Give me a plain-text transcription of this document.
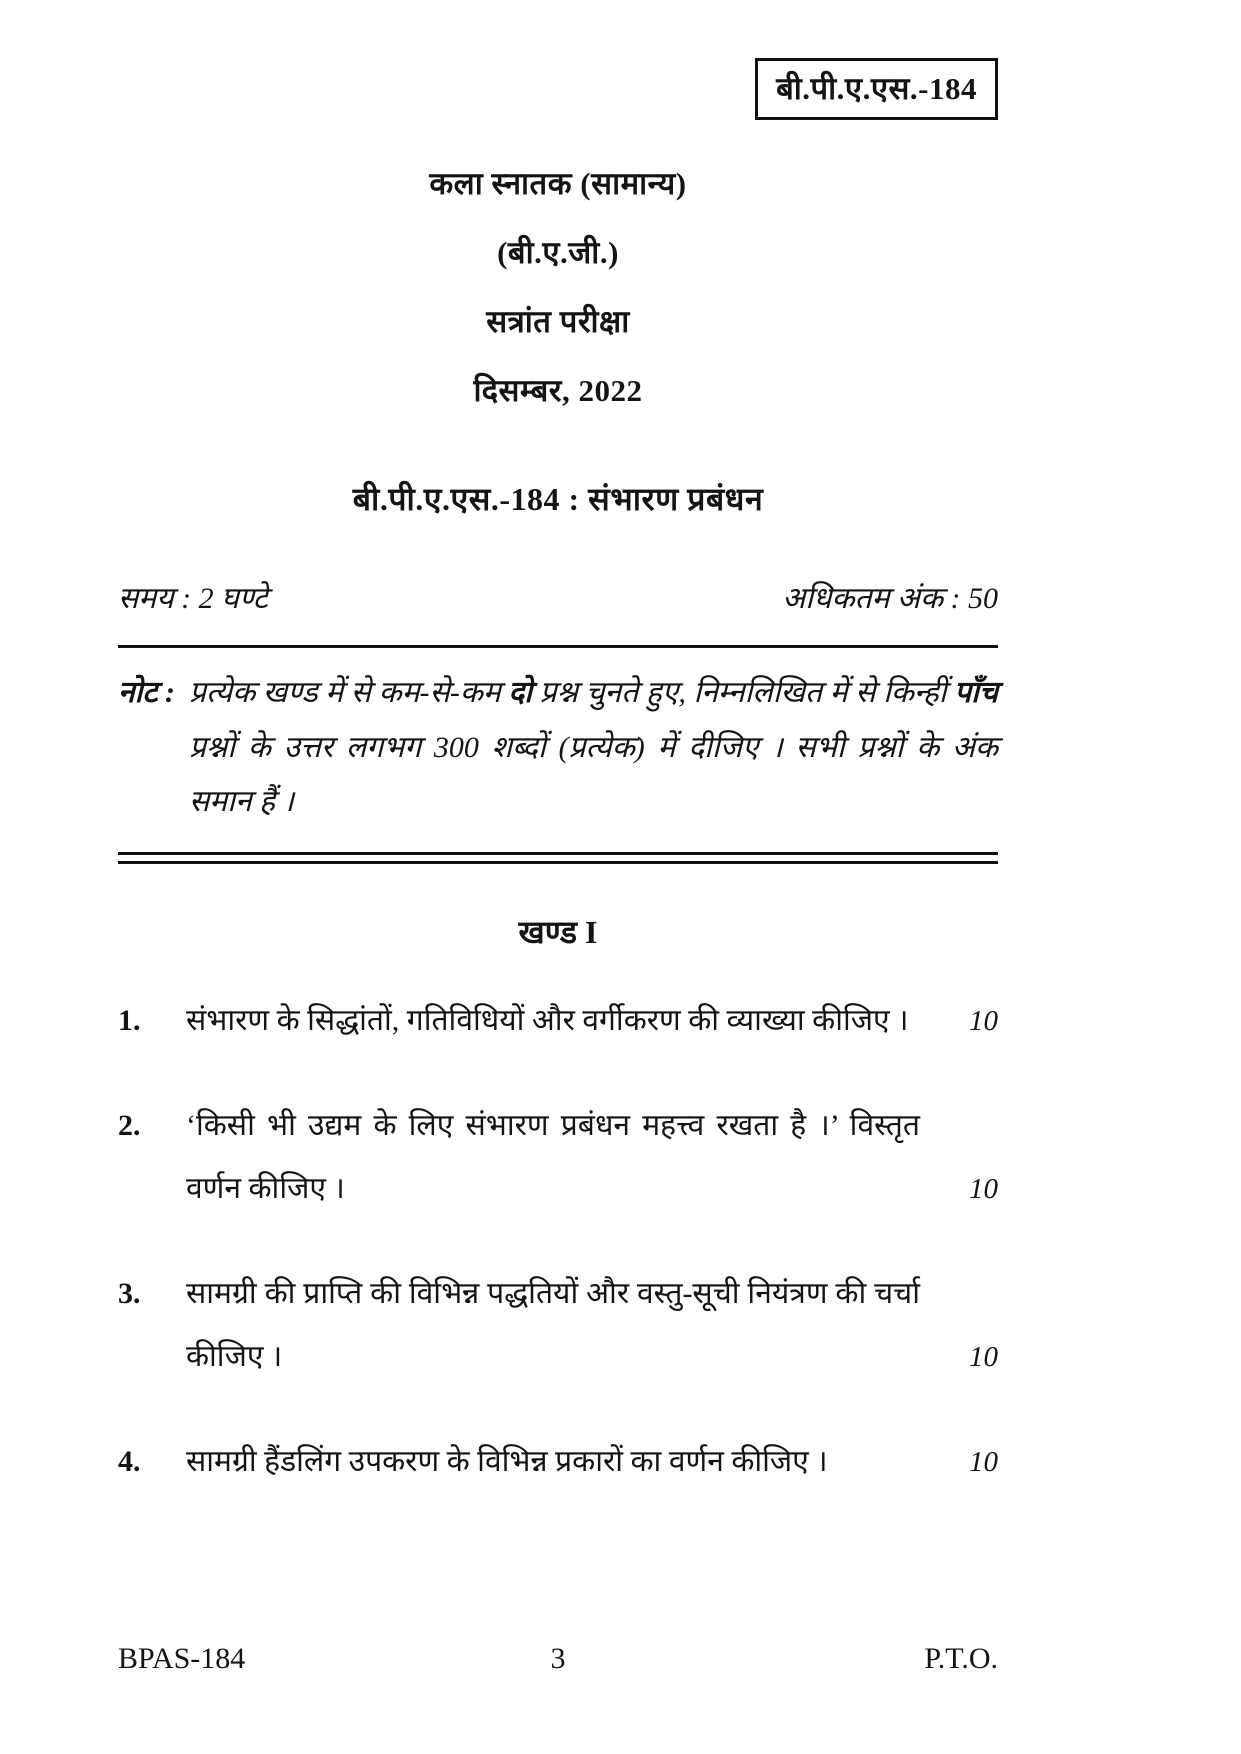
बी.पी.ए.एस.-184
कला स्नातक (सामान्य)
(बी.ए.जी.)
सत्रांत परीक्षा
दिसम्बर, 2022
बी.पी.ए.एस.-184 : संभारण प्रबंधन
समय : 2 घण्टे	अधिकतम अंक : 50
नोट : प्रत्येक खण्ड में से कम-से-कम दो प्रश्न चुनते हुए, निम्नलिखित में से किन्हीं पाँच प्रश्नों के उत्तर लगभग 300 शब्दों (प्रत्येक) में दीजिए । सभी प्रश्नों के अंक समान हैं ।
खण्ड I
1.	संभारण के सिद्धांतों, गतिविधियों और वर्गीकरण की व्याख्या कीजिए ।	10
2.	‘किसी भी उद्यम के लिए संभारण प्रबंधन महत्त्व रखता है ।’ विस्तृत वर्णन कीजिए ।	10
3.	सामग्री की प्राप्ति की विभिन्न पद्धतियों और वस्तु-सूची नियंत्रण की चर्चा कीजिए ।	10
4.	सामग्री हैंडलिंग उपकरण के विभिन्न प्रकारों का वर्णन कीजिए ।	10
BPAS-184	3	P.T.O.
